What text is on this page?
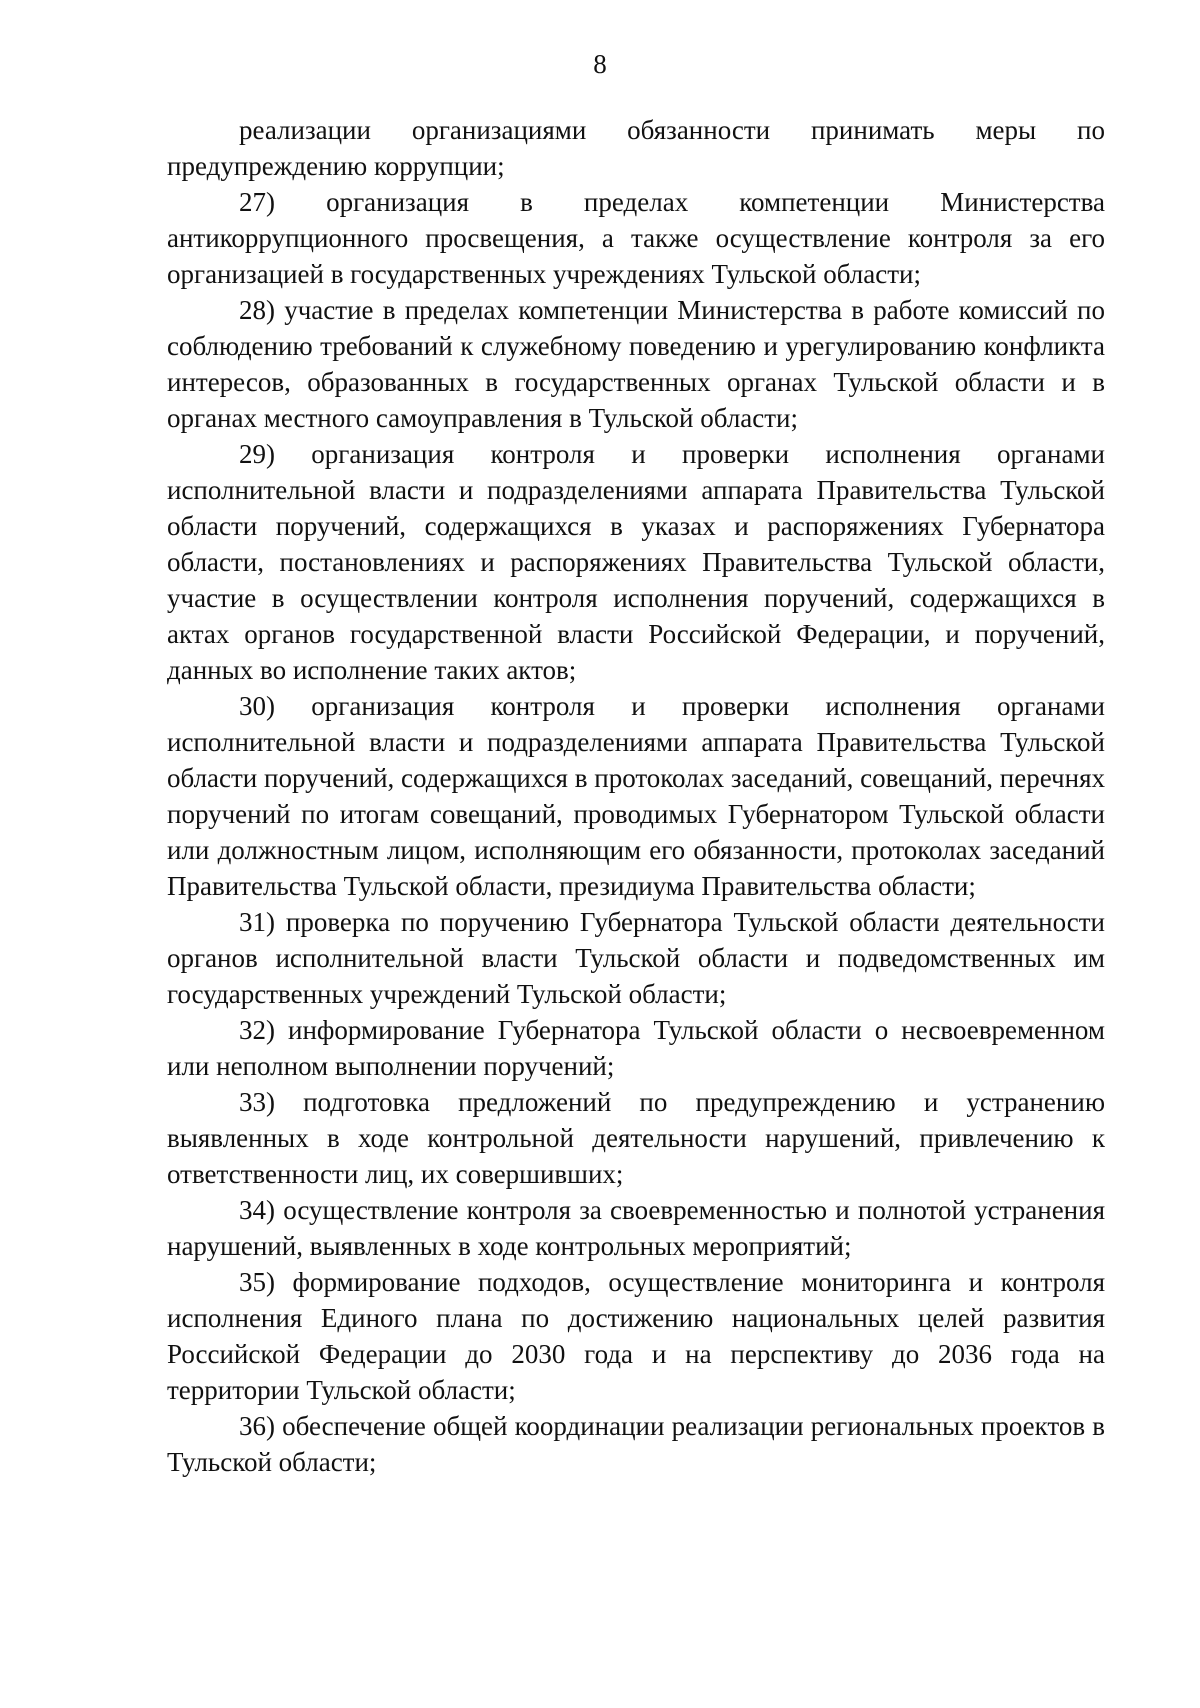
8

реализации организациями обязанности принимать меры по предупреждению коррупции;

27) организация в пределах компетенции Министерства антикоррупционного просвещения, а также осуществление контроля за его организацией в государственных учреждениях Тульской области;

28) участие в пределах компетенции Министерства в работе комиссий по соблюдению требований к служебному поведению и урегулированию конфликта интересов, образованных в государственных органах Тульской области и в органах местного самоуправления в Тульской области;

29) организация контроля и проверки исполнения органами исполнительной власти и подразделениями аппарата Правительства Тульской области поручений, содержащихся в указах и распоряжениях Губернатора области, постановлениях и распоряжениях Правительства Тульской области, участие в осуществлении контроля исполнения поручений, содержащихся в актах органов государственной власти Российской Федерации, и поручений, данных во исполнение таких актов;

30) организация контроля и проверки исполнения органами исполнительной власти и подразделениями аппарата Правительства Тульской области поручений, содержащихся в протоколах заседаний, совещаний, перечнях поручений по итогам совещаний, проводимых Губернатором Тульской области или должностным лицом, исполняющим его обязанности, протоколах заседаний Правительства Тульской области, президиума Правительства области;

31) проверка по поручению Губернатора Тульской области деятельности органов исполнительной власти Тульской области и подведомственных им государственных учреждений Тульской области;

32) информирование Губернатора Тульской области о несвоевременном или неполном выполнении поручений;

33) подготовка предложений по предупреждению и устранению выявленных в ходе контрольной деятельности нарушений, привлечению к ответственности лиц, их совершивших;

34) осуществление контроля за своевременностью и полнотой устранения нарушений, выявленных в ходе контрольных мероприятий;

35) формирование подходов, осуществление мониторинга и контроля исполнения Единого плана по достижению национальных целей развития Российской Федерации до 2030 года и на перспективу до 2036 года на территории Тульской области;

36) обеспечение общей координации реализации региональных проектов в Тульской области;
